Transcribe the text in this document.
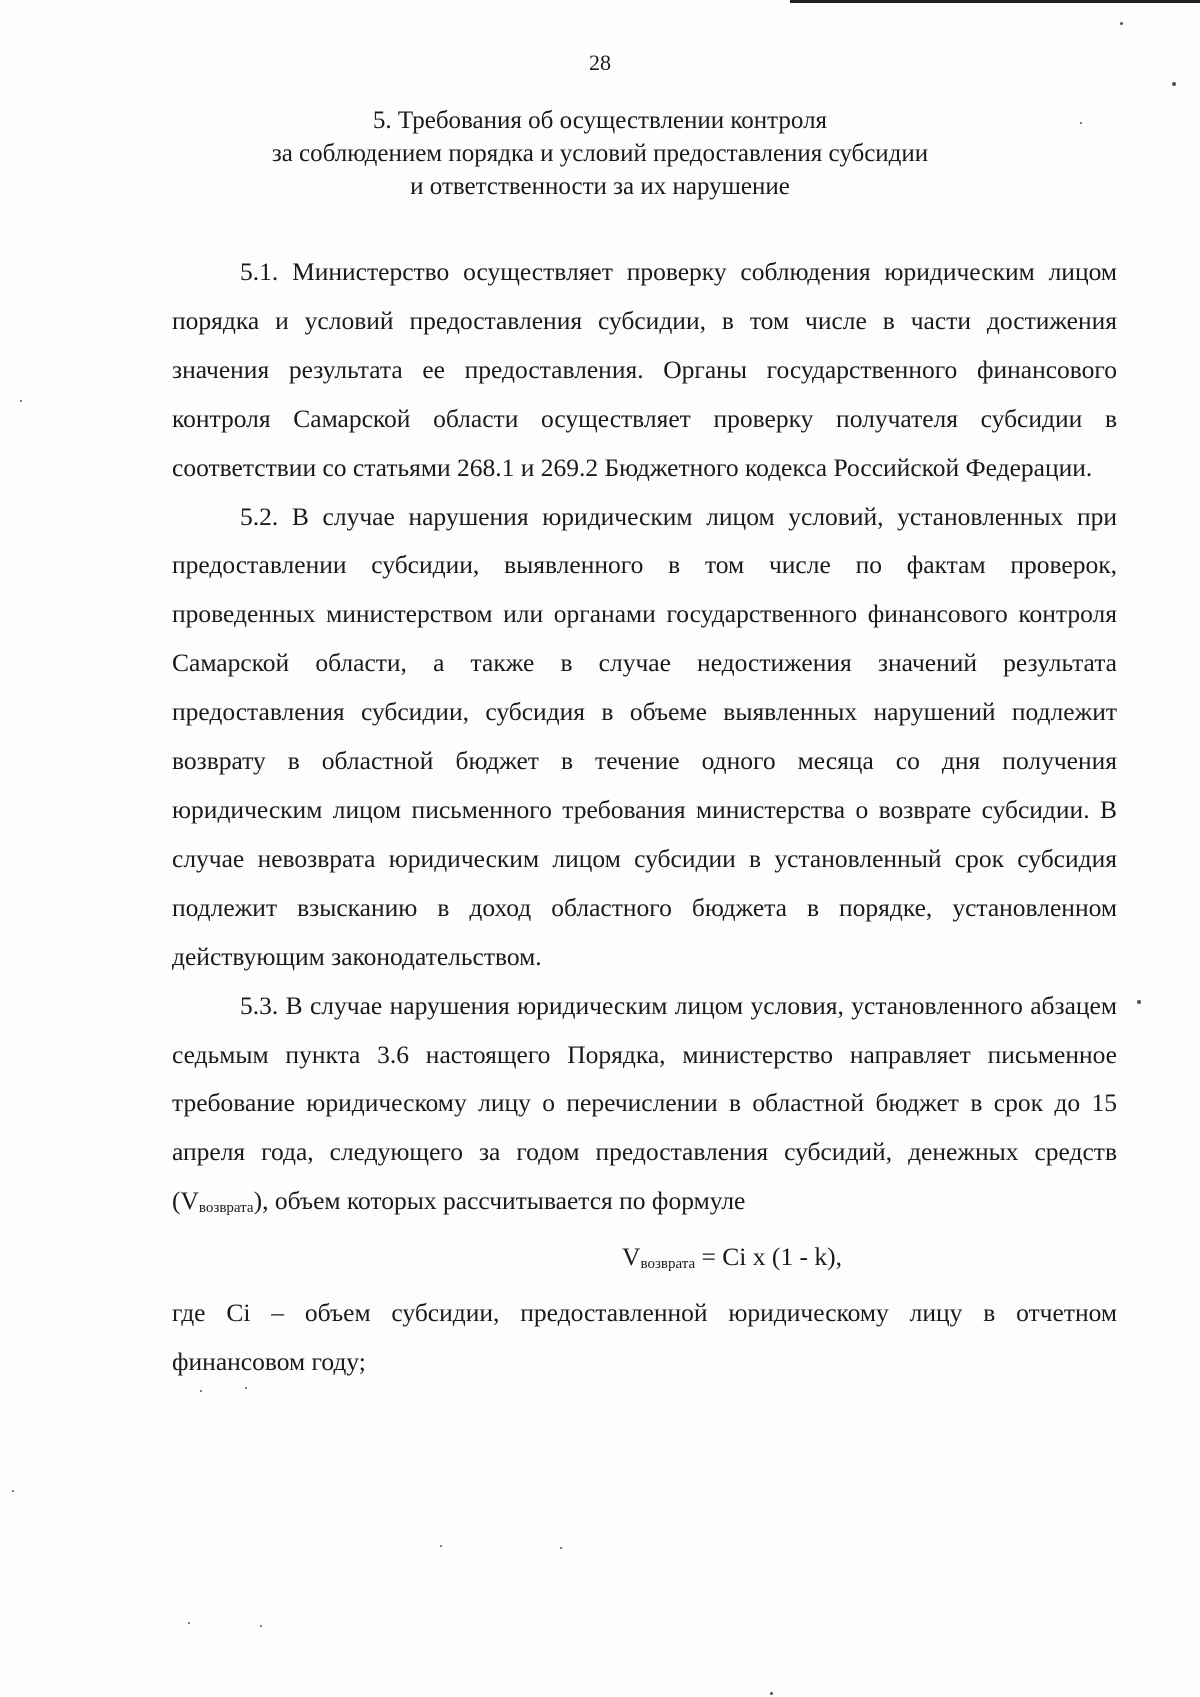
28
5. Требования об осуществлении контроля
за соблюдением порядка и условий предоставления субсидии
и ответственности за их нарушение

5.1. Министерство осуществляет проверку соблюдения юридическим лицом порядка и условий предоставления субсидии, в том числе в части достижения значения результата ее предоставления. Органы государственного финансового контроля Самарской области осуществляет проверку получателя субсидии в соответствии со статьями 268.1 и 269.2 Бюджетного кодекса Российской Федерации.

5.2. В случае нарушения юридическим лицом условий, установленных при предоставлении субсидии, выявленного в том числе по фактам проверок, проведенных министерством или органами государственного финансового контроля Самарской области, а также в случае недостижения значений результата предоставления субсидии, субсидия в объеме выявленных нарушений подлежит возврату в областной бюджет в течение одного месяца со дня получения юридическим лицом письменного требования министерства о возврате субсидии. В случае невозврата юридическим лицом субсидии в установленный срок субсидия подлежит взысканию в доход областного бюджета в порядке, установленном действующим законодательством.

5.3. В случае нарушения юридическим лицом условия, установленного абзацем седьмым пункта 3.6 настоящего Порядка, министерство направляет письменное требование юридическому лицу о перечислении в областной бюджет в срок до 15 апреля года, следующего за годом предоставления субсидий, денежных средств (Vвозврата), объем которых рассчитывается по формуле

$V_{возврата} = Ci$ x (1 - k),

где Ci – объем субсидии, предоставленной юридическому лицу в отчетном финансовом году;
